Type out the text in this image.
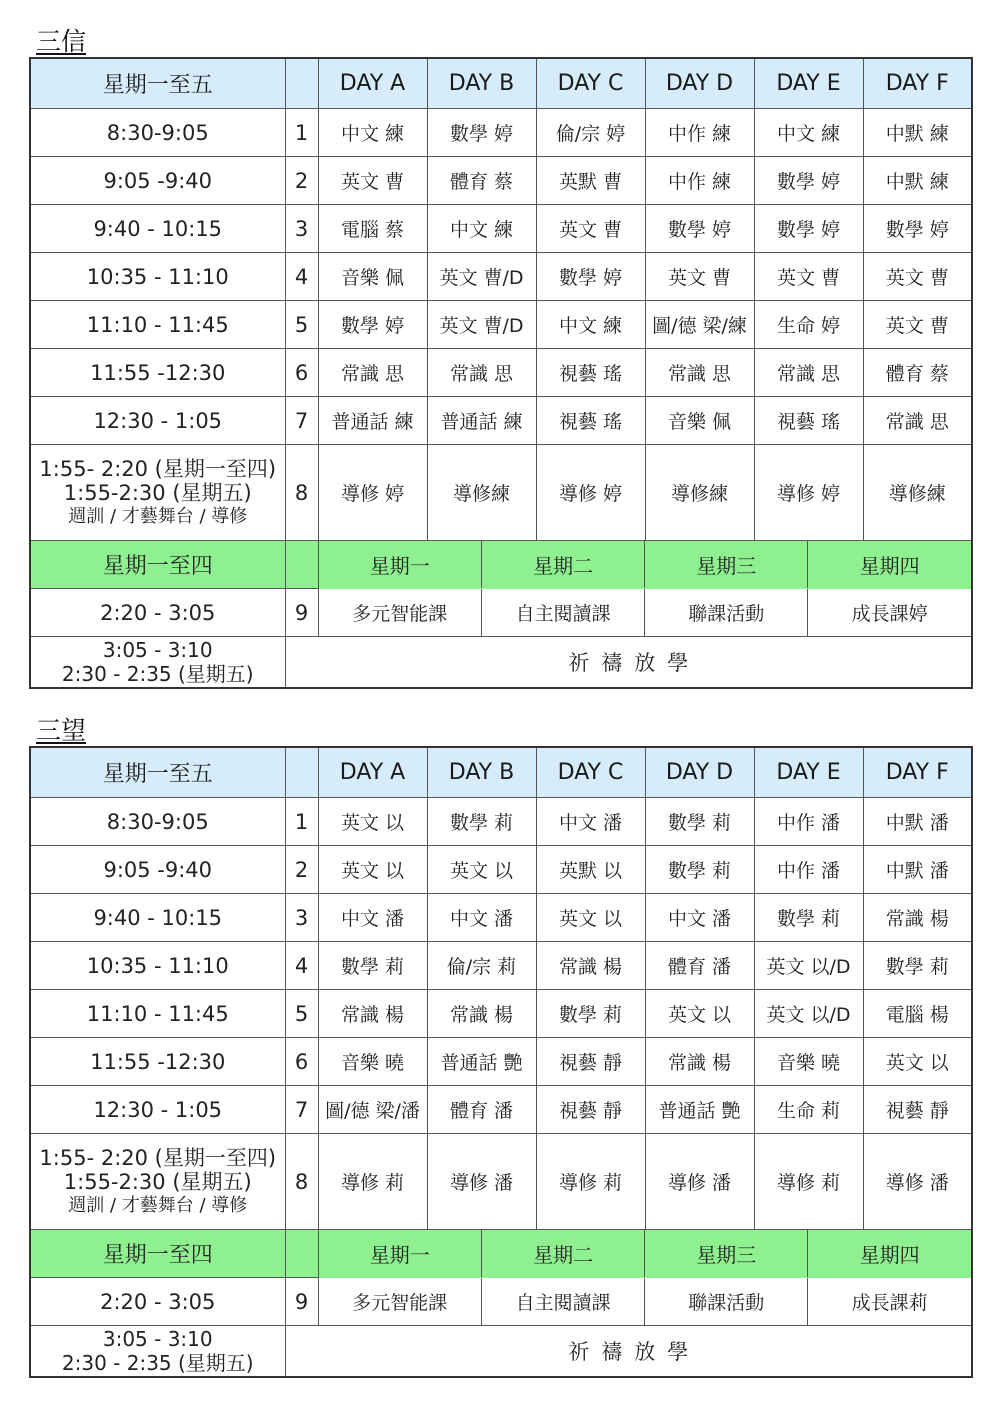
三信
星期一至五		DAY A	DAY B	DAY C	DAY D	DAY E	DAY F
8:30-9:05	1	中文 練	數學 婷	倫/宗 婷	中作 練	中文 練	中默 練
9:05 -9:40	2	英文 曹	體育 蔡	英默 曹	中作 練	數學 婷	中默 練
9:40 - 10:15	3	電腦 蔡	中文 練	英文 曹	數學 婷	數學 婷	數學 婷
10:35 - 11:10	4	音樂 佩	英文 曹/D	數學 婷	英文 曹	英文 曹	英文 曹
11:10 - 11:45	5	數學 婷	英文 曹/D	中文 練	圖/德 梁/練	生命 婷	英文 曹
11:55 -12:30	6	常識 思	常識 思	視藝 瑤	常識 思	常識 思	體育 蔡
12:30 - 1:05	7	普通話 練	普通話 練	視藝 瑤	音樂 佩	視藝 瑤	常識 思

1:55- 2:20 (星期一至四)
1:55-2:30 (星期五)
週訓 / 才藝舞台 / 導修
	8	導修 婷	導修練	導修 婷	導修練	導修 婷	導修練
星期一至四			星期一	星期二	星期三	星期四

2:20 - 3:05	9	多元智能課	自主閱讀課	聯課活動	成長課婷

3:05 - 3:10
2:30 - 2:35 (星期五)	祈禱放學
三望
星期一至五		DAY A	DAY B	DAY C	DAY D	DAY E	DAY F
8:30-9:05	1	英文 以	數學 莉	中文 潘	數學 莉	中作 潘	中默 潘
9:05 -9:40	2	英文 以	英文 以	英默 以	數學 莉	中作 潘	中默 潘
9:40 - 10:15	3	中文 潘	中文 潘	英文 以	中文 潘	數學 莉	常識 楊
10:35 - 11:10	4	數學 莉	倫/宗 莉	常識 楊	體育 潘	英文 以/D	數學 莉
11:10 - 11:45	5	常識 楊	常識 楊	數學 莉	英文 以	英文 以/D	電腦 楊
11:55 -12:30	6	音樂 曉	普通話 艷	視藝 靜	常識 楊	音樂 曉	英文 以
12:30 - 1:05	7	圖/德 梁/潘	體育 潘	視藝 靜	普通話 艷	生命 莉	視藝 靜

1:55- 2:20 (星期一至四)
1:55-2:30 (星期五)
週訓 / 才藝舞台 / 導修
	8	導修 莉	導修 潘	導修 莉	導修 潘	導修 莉	導修 潘
星期一至四			星期一	星期二	星期三	星期四

2:20 - 3:05	9	多元智能課	自主閱讀課	聯課活動	成長課莉

3:05 - 3:10
2:30 - 2:35 (星期五)	祈禱放學
